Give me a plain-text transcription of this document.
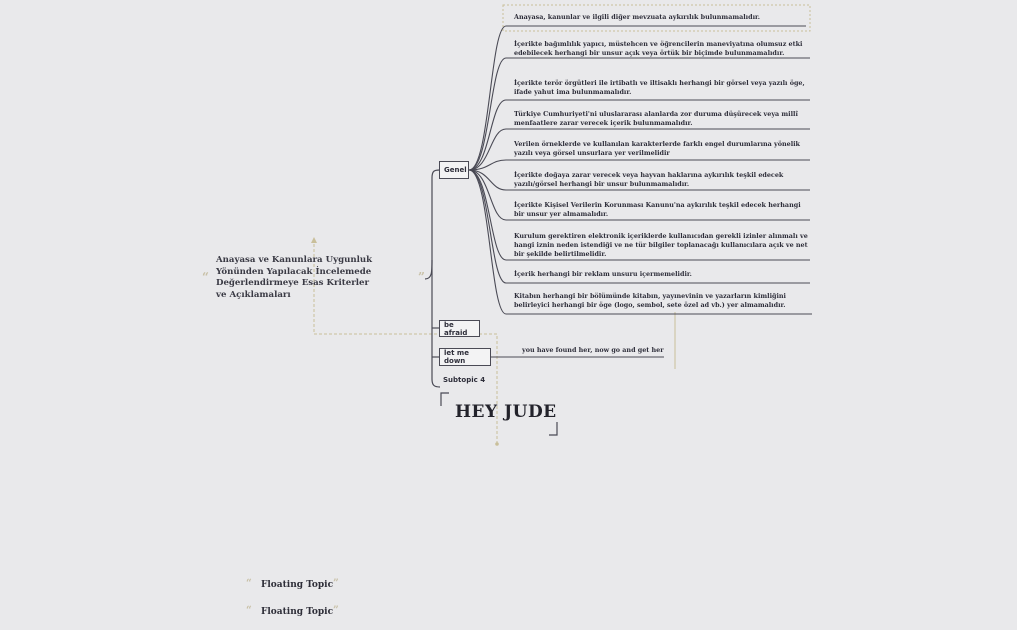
“
Anayasa ve Kanunlara Uygunluk Yönünden Yapılacak İncelemede Değerlendirmeye Esas Kriterler ve Açıklamaları
”
Genel
be afraid
let me down
Subtopic 4
Anayasa, kanunlar ve ilgili diğer mevzuata aykırılık bulunmamalıdır.
İçerikte bağımlılık yapıcı, müstehcen ve öğrencilerin maneviyatına olumsuz etki edebilecek herhangi bir unsur açık veya örtük bir biçimde bulunmamalıdır.
İçerikte terör örgütleri ile irtibatlı ve iltisaklı herhangi bir görsel veya yazılı öge, ifade yahut ima bulunmamalıdır.
Türkiye Cumhuriyeti'ni uluslararası alanlarda zor duruma düşürecek veya millî menfaatlere zarar verecek içerik bulunmamalıdır.
Verilen örneklerde ve kullanılan karakterlerde farklı engel durumlarına yönelik yazılı veya görsel unsurlara yer verilmelidir
İçerikte doğaya zarar verecek veya hayvan haklarına aykırılık teşkil edecek yazılı/görsel herhangi bir unsur bulunmamalıdır.
İçerikte Kişisel Verilerin Korunması Kanunu'na aykırılık teşkil edecek herhangi bir unsur yer almamalıdır.
Kurulum gerektiren elektronik içeriklerde kullanıcıdan gerekli izinler alınmalı ve hangi iznin neden istendiği ve ne tür bilgiler toplanacağı kullanıcılara açık ve net bir şekilde belirtilmelidir.
İçerik herhangi bir reklam unsuru içermemelidir.
Kitabın herhangi bir bölümünde kitabın, yayınevinin ve yazarların kimliğini belirleyici herhangi bir öge (logo, sembol, sete özel ad vb.) yer almamalıdır.
you have found her, now go and get her
HEY JUDE
“ Floating Topic ”
“ Floating Topic ”
